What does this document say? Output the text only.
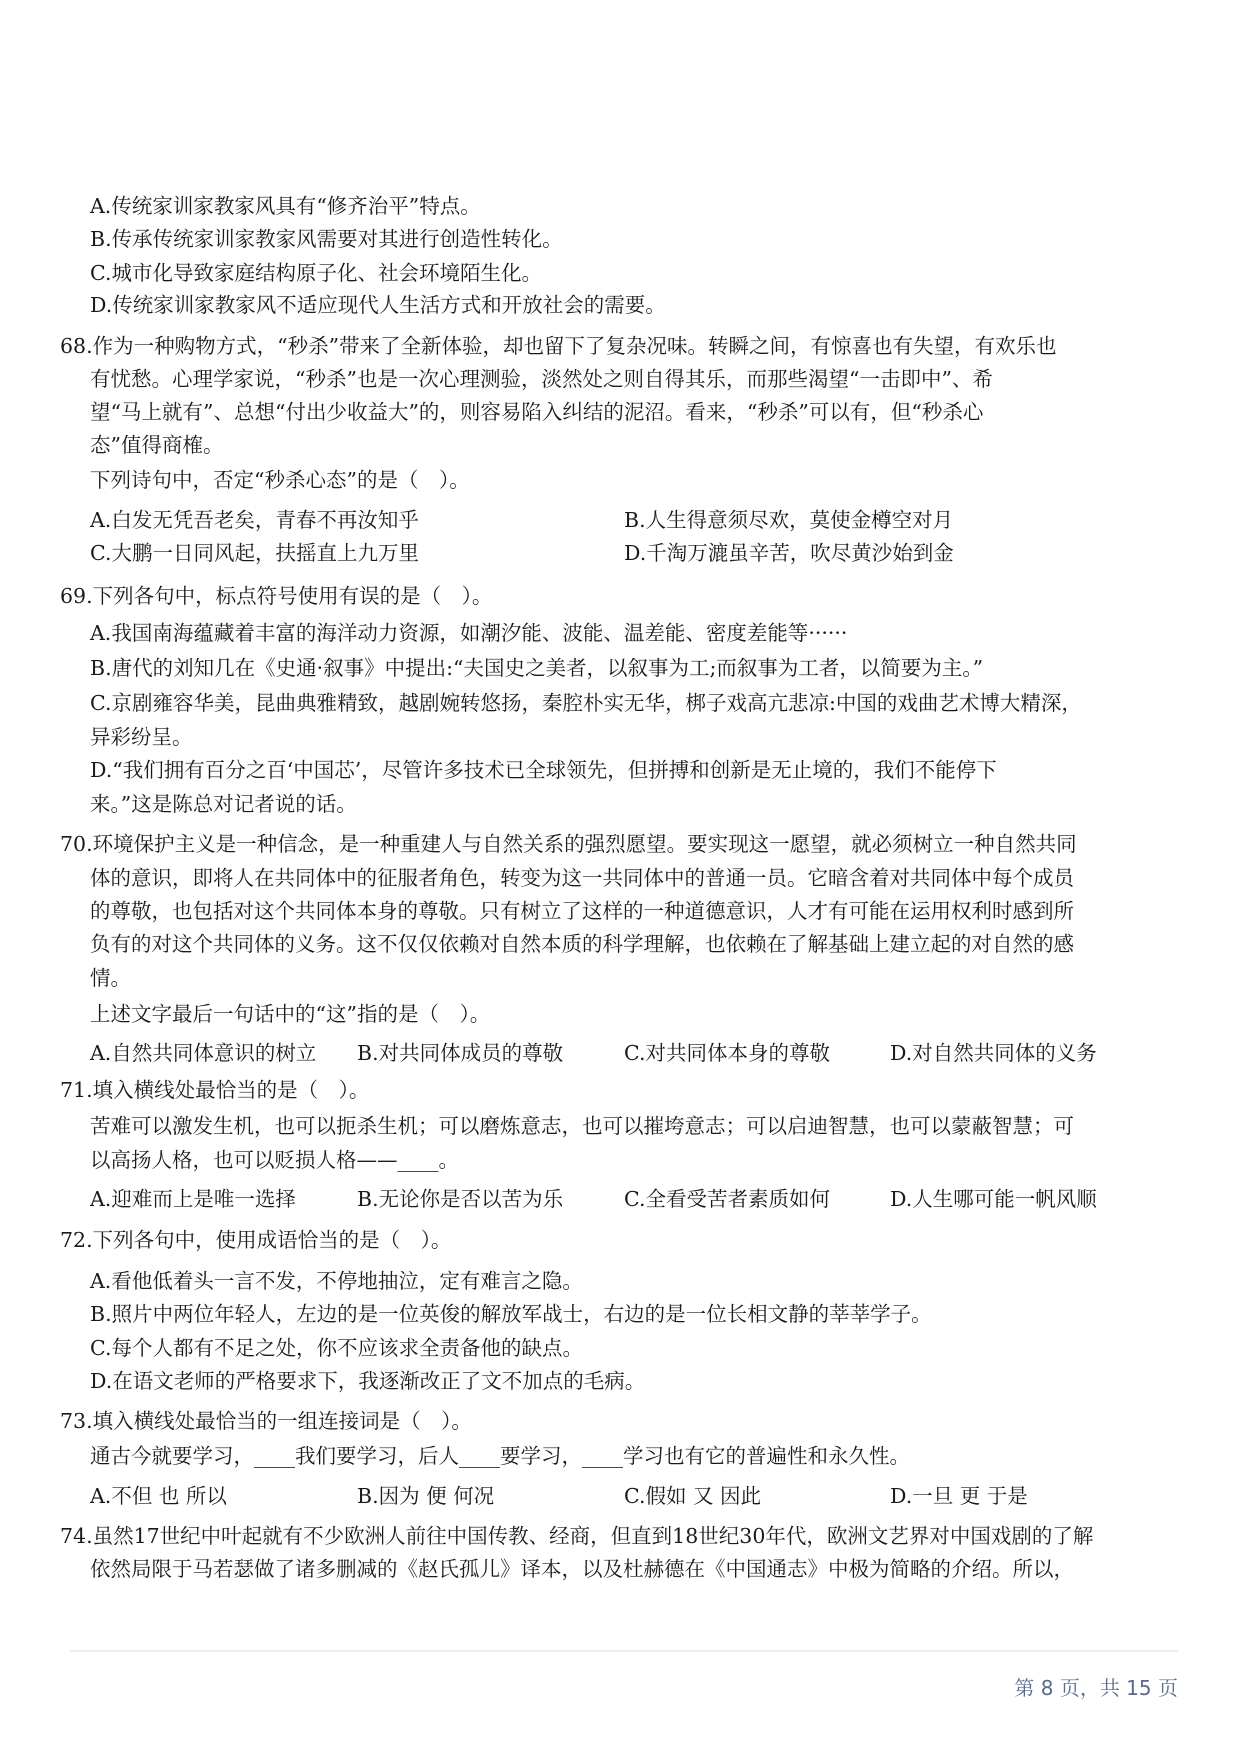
A.传统家训家教家风具有“修齐治平”特点。
B.传承传统家训家教家风需要对其进行创造性转化。
C.城市化导致家庭结构原子化、社会环境陌生化。
D.传统家训家教家风不适应现代人生活方式和开放社会的需要。
68.作为一种购物方式，“秒杀”带来了全新体验，却也留下了复杂况味。转瞬之间，有惊喜也有失望，有欢乐也
有忧愁。心理学家说，“秒杀”也是一次心理测验，淡然处之则自得其乐，而那些渴望“一击即中”、希
望“马上就有”、总想“付出少收益大”的，则容易陷入纠结的泥沼。看来，“秒杀”可以有，但“秒杀心
态”值得商榷。
下列诗句中，否定“秒杀心态”的是（　）。
A.白发无凭吾老矣，青春不再汝知乎	B.人生得意须尽欢，莫使金樽空对月
C.大鹏一日同风起，扶摇直上九万里	D.千淘万漉虽辛苦，吹尽黄沙始到金
69.下列各句中，标点符号使用有误的是（　）。
A.我国南海蕴藏着丰富的海洋动力资源，如潮汐能、波能、温差能、密度差能等······
B.唐代的刘知几在《史通·叙事》中提出:“夫国史之美者，以叙事为工;而叙事为工者，以简要为主。”
C.京剧雍容华美，昆曲典雅精致，越剧婉转悠扬，秦腔朴实无华，梆子戏高亢悲凉:中国的戏曲艺术博大精深，
异彩纷呈。
D.“我们拥有百分之百‘中国芯’，尽管许多技术已全球领先，但拼搏和创新是无止境的，我们不能停下
来。”这是陈总对记者说的话。
70.环境保护主义是一种信念，是一种重建人与自然关系的强烈愿望。要实现这一愿望，就必须树立一种自然共同
体的意识，即将人在共同体中的征服者角色，转变为这一共同体中的普通一员。它暗含着对共同体中每个成员
的尊敬，也包括对这个共同体本身的尊敬。只有树立了这样的一种道德意识，人才有可能在运用权利时感到所
负有的对这个共同体的义务。这不仅仅依赖对自然本质的科学理解，也依赖在了解基础上建立起的对自然的感
情。
上述文字最后一句话中的“这”指的是（　）。
A.自然共同体意识的树立 B.对共同体成员的尊敬	C.对共同体本身的尊敬	D.对自然共同体的义务
71.填入横线处最恰当的是（　）。
苦难可以激发生机，也可以扼杀生机；可以磨炼意志，也可以摧垮意志；可以启迪智慧，也可以蒙蔽智慧；可
以高扬人格，也可以贬损人格——____。
A.迎难而上是唯一选择	B.无论你是否以苦为乐	C.全看受苦者素质如何	D.人生哪可能一帆风顺
72.下列各句中，使用成语恰当的是（　）。
A.看他低着头一言不发，不停地抽泣，定有难言之隐。
B.照片中两位年轻人，左边的是一位英俊的解放军战士，右边的是一位长相文静的莘莘学子。
C.每个人都有不足之处，你不应该求全责备他的缺点。
D.在语文老师的严格要求下，我逐渐改正了文不加点的毛病。
73.填入横线处最恰当的一组连接词是（　）。
通古今就要学习，____我们要学习，后人____要学习，____学习也有它的普遍性和永久性。
A.不但 也 所以	B.因为 便 何况	C.假如 又 因此	D.一旦 更 于是
74.虽然17世纪中叶起就有不少欧洲人前往中国传教、经商，但直到18世纪30年代，欧洲文艺界对中国戏剧的了解
依然局限于马若瑟做了诸多删减的《赵氏孤儿》译本，以及杜赫德在《中国通志》中极为简略的介绍。所以，
第 8 页，共 15 页
